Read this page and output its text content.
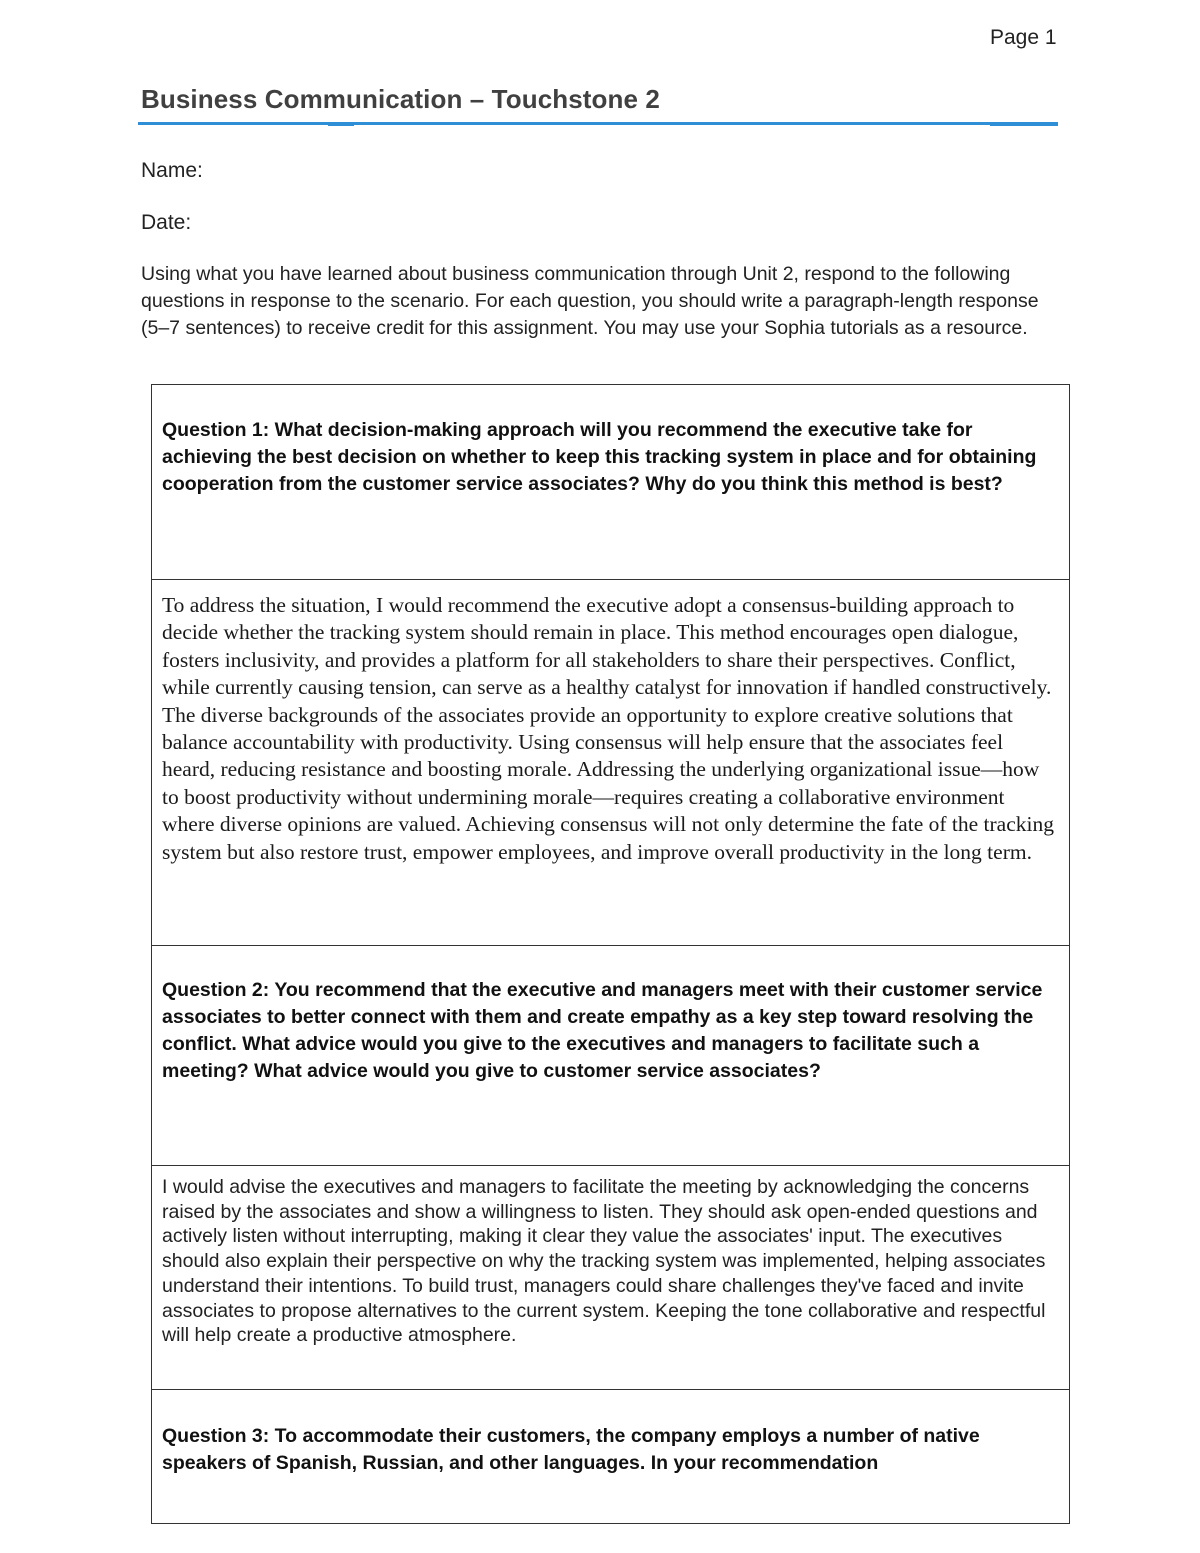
Page 1
Business Communication – Touchstone 2
Name:
Date:
Using what you have learned about business communication through Unit 2, respond to the following questions in response to the scenario. For each question, you should write a paragraph-length response (5–7 sentences) to receive credit for this assignment. You may use your Sophia tutorials as a resource.
Question 1: What decision-making approach will you recommend the executive take for achieving the best decision on whether to keep this tracking system in place and for obtaining cooperation from the customer service associates? Why do you think this method is best?
To address the situation, I would recommend the executive adopt a consensus-building approach to decide whether the tracking system should remain in place. This method encourages open dialogue, fosters inclusivity, and provides a platform for all stakeholders to share their perspectives. Conflict, while currently causing tension, can serve as a healthy catalyst for innovation if handled constructively. The diverse backgrounds of the associates provide an opportunity to explore creative solutions that balance accountability with productivity. Using consensus will help ensure that the associates feel heard, reducing resistance and boosting morale. Addressing the underlying organizational issue—how to boost productivity without undermining morale—requires creating a collaborative environment where diverse opinions are valued. Achieving consensus will not only determine the fate of the tracking system but also restore trust, empower employees, and improve overall productivity in the long term.
Question 2: You recommend that the executive and managers meet with their customer service associates to better connect with them and create empathy as a key step toward resolving the conflict. What advice would you give to the executives and managers to facilitate such a meeting? What advice would you give to customer service associates?
I would advise the executives and managers to facilitate the meeting by acknowledging the concerns raised by the associates and show a willingness to listen. They should ask open-ended questions and actively listen without interrupting, making it clear they value the associates' input. The executives should also explain their perspective on why the tracking system was implemented, helping associates understand their intentions. To build trust, managers could share challenges they've faced and invite associates to propose alternatives to the current system. Keeping the tone collaborative and respectful will help create a productive atmosphere.
Question 3: To accommodate their customers, the company employs a number of native speakers of Spanish, Russian, and other languages. In your recommendation
